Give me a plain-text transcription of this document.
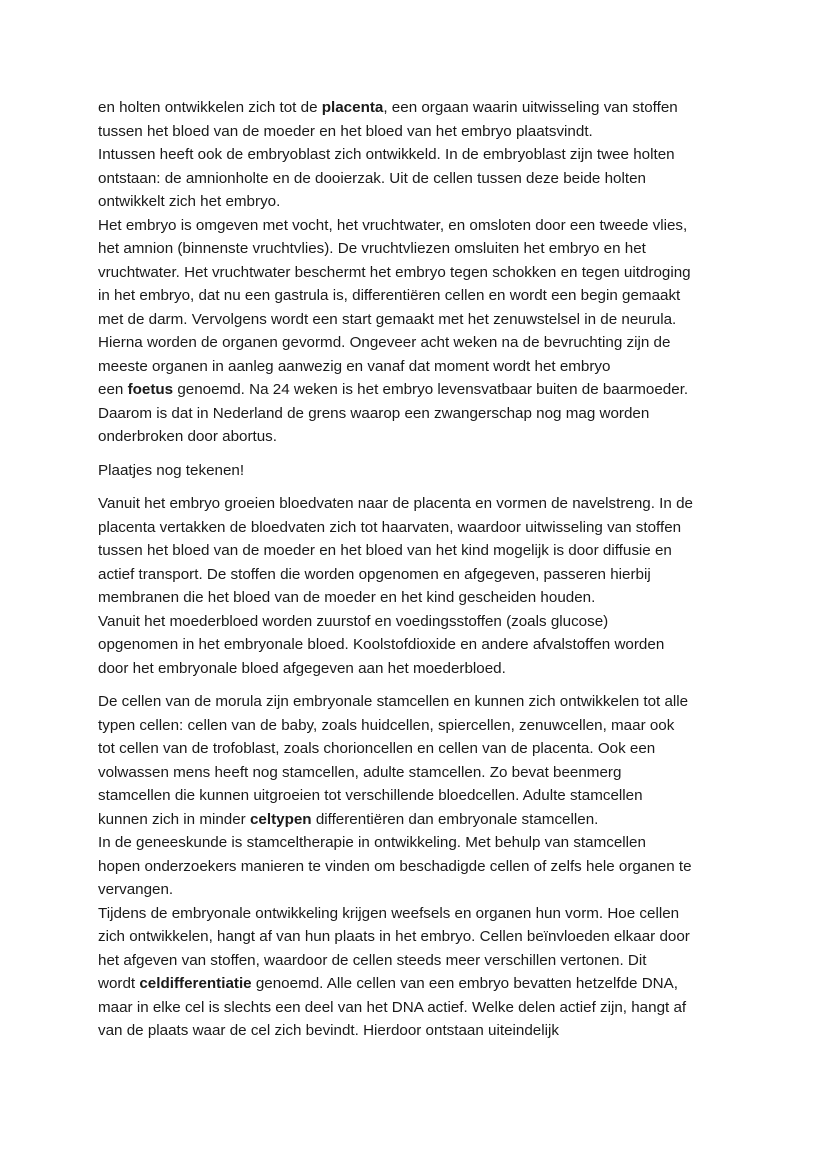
en holten ontwikkelen zich tot de placenta, een orgaan waarin uitwisseling van stoffen
tussen het bloed van de moeder en het bloed van het embryo plaatsvindt.
Intussen heeft ook de embryoblast zich ontwikkeld. In de embryoblast zijn twee holten
ontstaan: de amnionholte en de dooierzak. Uit de cellen tussen deze beide holten
ontwikkelt zich het embryo.
Het embryo is omgeven met vocht, het vruchtwater, en omsloten door een tweede vlies,
het amnion (binnenste vruchtvlies). De vruchtvliezen omsluiten het embryo en het
vruchtwater. Het vruchtwater beschermt het embryo tegen schokken en tegen uitdroging
in het embryo, dat nu een gastrula is, differentiëren cellen en wordt een begin gemaakt
met de darm. Vervolgens wordt een start gemaakt met het zenuwstelsel in de neurula.
Hierna worden de organen gevormd. Ongeveer acht weken na de bevruchting zijn de
meeste organen in aanleg aanwezig en vanaf dat moment wordt het embryo
een foetus genoemd. Na 24 weken is het embryo levensvatbaar buiten de baarmoeder.
Daarom is dat in Nederland de grens waarop een zwangerschap nog mag worden
onderbroken door abortus.
Plaatjes nog tekenen!
Vanuit het embryo groeien bloedvaten naar de placenta en vormen de navelstreng. In de
placenta vertakken de bloedvaten zich tot haarvaten, waardoor uitwisseling van stoffen
tussen het bloed van de moeder en het bloed van het kind mogelijk is door diffusie en
actief transport. De stoffen die worden opgenomen en afgegeven, passeren hierbij
membranen die het bloed van de moeder en het kind gescheiden houden.
Vanuit het moederbloed worden zuurstof en voedingsstoffen (zoals glucose)
opgenomen in het embryonale bloed. Koolstofdioxide en andere afvalstoffen worden
door het embryonale bloed afgegeven aan het moederbloed.
De cellen van de morula zijn embryonale stamcellen en kunnen zich ontwikkelen tot alle
typen cellen: cellen van de baby, zoals huidcellen, spiercellen, zenuwcellen, maar ook
tot cellen van de trofoblast, zoals chorioncellen en cellen van de placenta. Ook een
volwassen mens heeft nog stamcellen, adulte stamcellen. Zo bevat beenmerg
stamcellen die kunnen uitgroeien tot verschillende bloedcellen. Adulte stamcellen
kunnen zich in minder celtypen differentiëren dan embryonale stamcellen.
In de geneeskunde is stamceltherapie in ontwikkeling. Met behulp van stamcellen
hopen onderzoekers manieren te vinden om beschadigde cellen of zelfs hele organen te
vervangen.
Tijdens de embryonale ontwikkeling krijgen weefsels en organen hun vorm. Hoe cellen
zich ontwikkelen, hangt af van hun plaats in het embryo. Cellen beïnvloeden elkaar door
het afgeven van stoffen, waardoor de cellen steeds meer verschillen vertonen. Dit
wordt celdifferentiatie genoemd. Alle cellen van een embryo bevatten hetzelfde DNA,
maar in elke cel is slechts een deel van het DNA actief. Welke delen actief zijn, hangt af
van de plaats waar de cel zich bevindt. Hierdoor ontstaan uiteindelijk
